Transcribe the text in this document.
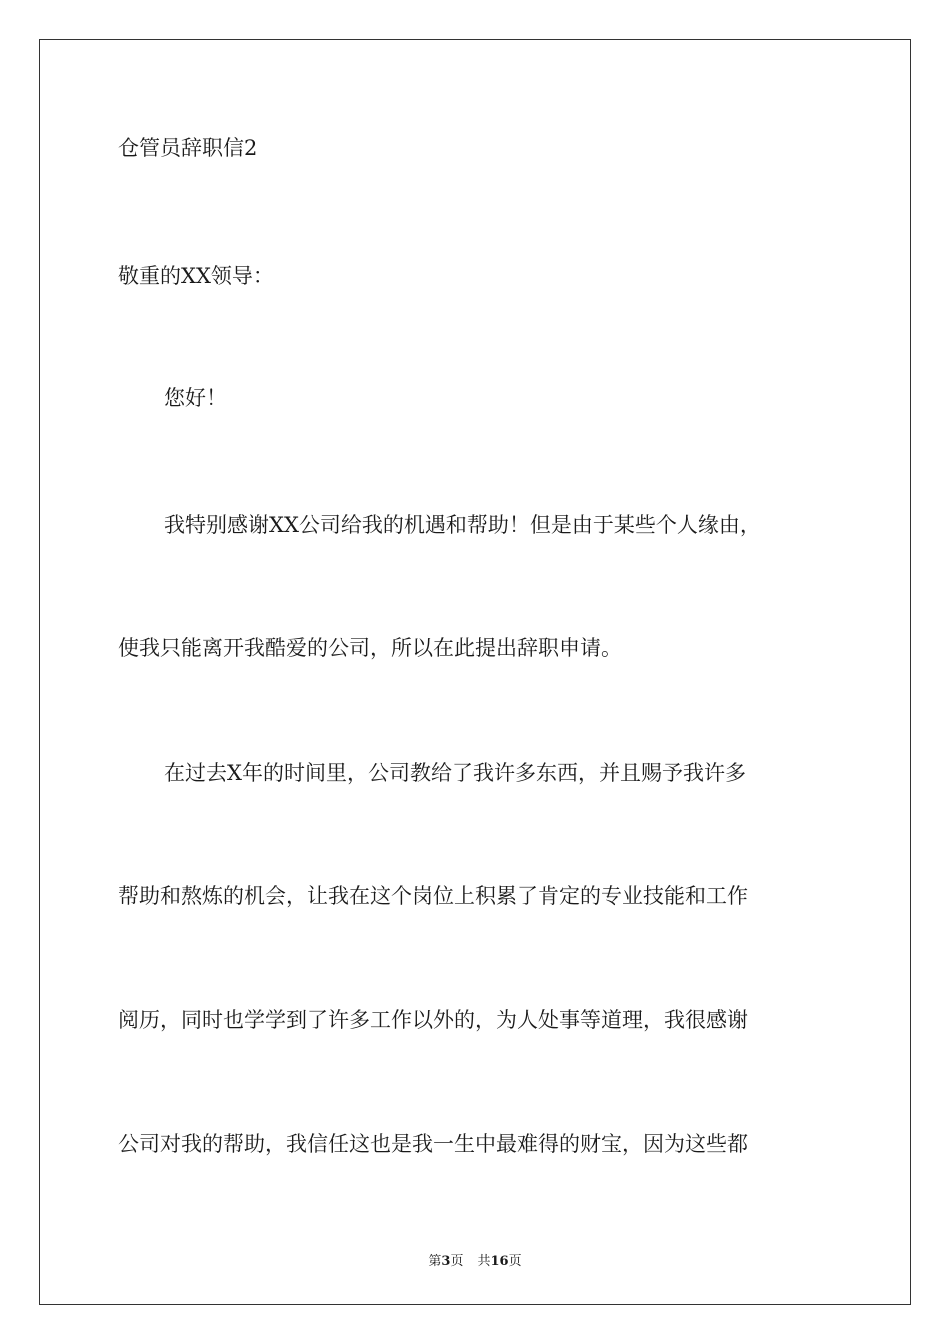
仓管员辞职信2
敬重的XX领导：
您好！
我特别感谢XX公司给我的机遇和帮助！但是由于某些个人缘由，
使我只能离开我酷爱的公司，所以在此提出辞职申请。
在过去X年的时间里，公司教给了我许多东西，并且赐予我许多
帮助和熬炼的机会，让我在这个岗位上积累了肯定的专业技能和工作
阅历，同时也学学到了许多工作以外的，为人处事等道理，我很感谢
公司对我的帮助，我信任这也是我一生中最难得的财宝，因为这些都
第3页 共16页
